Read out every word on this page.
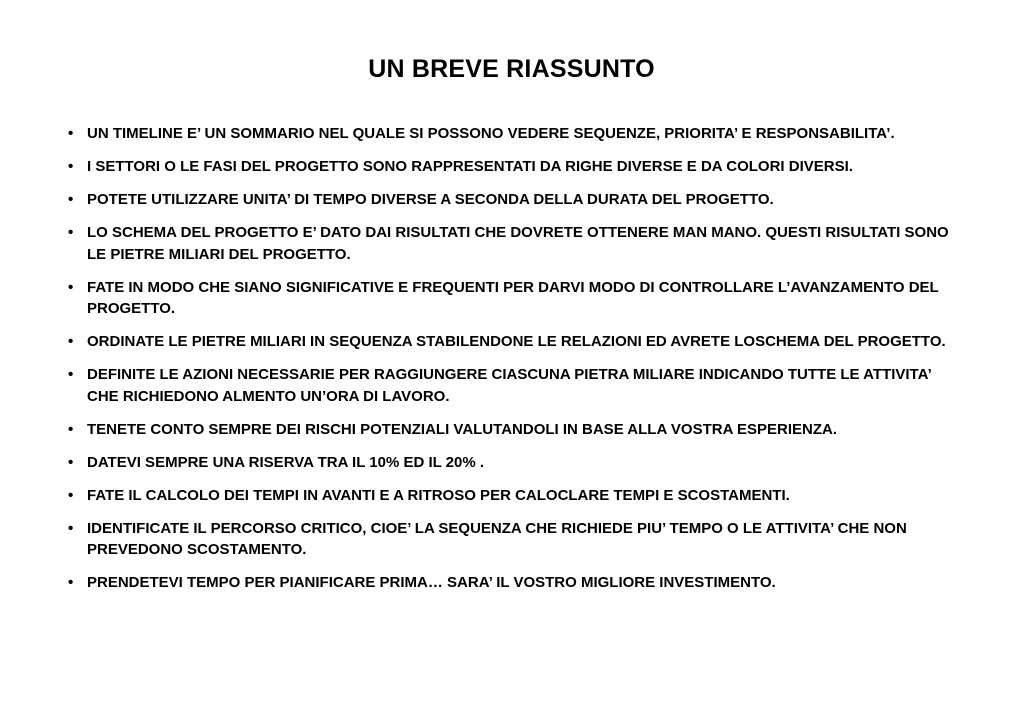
UN BREVE RIASSUNTO
• UN TIMELINE E’ UN SOMMARIO NEL QUALE SI POSSONO VEDERE SEQUENZE, PRIORITA’ E RESPONSABILITA’.
• I SETTORI O LE FASI DEL PROGETTO SONO RAPPRESENTATI DA RIGHE DIVERSE E DA COLORI DIVERSI.
• POTETE UTILIZZARE UNITA’ DI TEMPO DIVERSE A SECONDA DELLA DURATA DEL PROGETTO.
• LO SCHEMA DEL PROGETTO E’ DATO DAI RISULTATI CHE DOVRETE OTTENERE MAN MANO. QUESTI RISULTATI SONO LE PIETRE MILIARI DEL PROGETTO.
• FATE IN MODO CHE SIANO SIGNIFICATIVE E FREQUENTI PER DARVI MODO DI CONTROLLARE L’AVANZAMENTO DEL PROGETTO.
• ORDINATE LE PIETRE MILIARI IN SEQUENZA STABILENDONE LE RELAZIONI ED AVRETE LOSCHEMA DEL PROGETTO.
• DEFINITE LE AZIONI NECESSARIE PER RAGGIUNGERE CIASCUNA PIETRA MILIARE INDICANDO TUTTE LE ATTIVITA’ CHE RICHIEDONO ALMENTO UN’ORA DI LAVORO.
• TENETE CONTO SEMPRE DEI RISCHI POTENZIALI VALUTANDOLI IN BASE ALLA VOSTRA ESPERIENZA.
• DATEVI SEMPRE UNA RISERVA TRA IL 10% ED IL 20% .
• FATE IL CALCOLO DEI TEMPI IN AVANTI E A RITROSO PER CALOCLARE TEMPI E SCOSTAMENTI.
• IDENTIFICATE IL PERCORSO CRITICO, CIOE’ LA SEQUENZA CHE RICHIEDE PIU’ TEMPO O LE ATTIVITA’ CHE NON PREVEDONO SCOSTAMENTO.
• PRENDETEVI TEMPO PER PIANIFICARE PRIMA… SARA’ IL VOSTRO MIGLIORE INVESTIMENTO.
